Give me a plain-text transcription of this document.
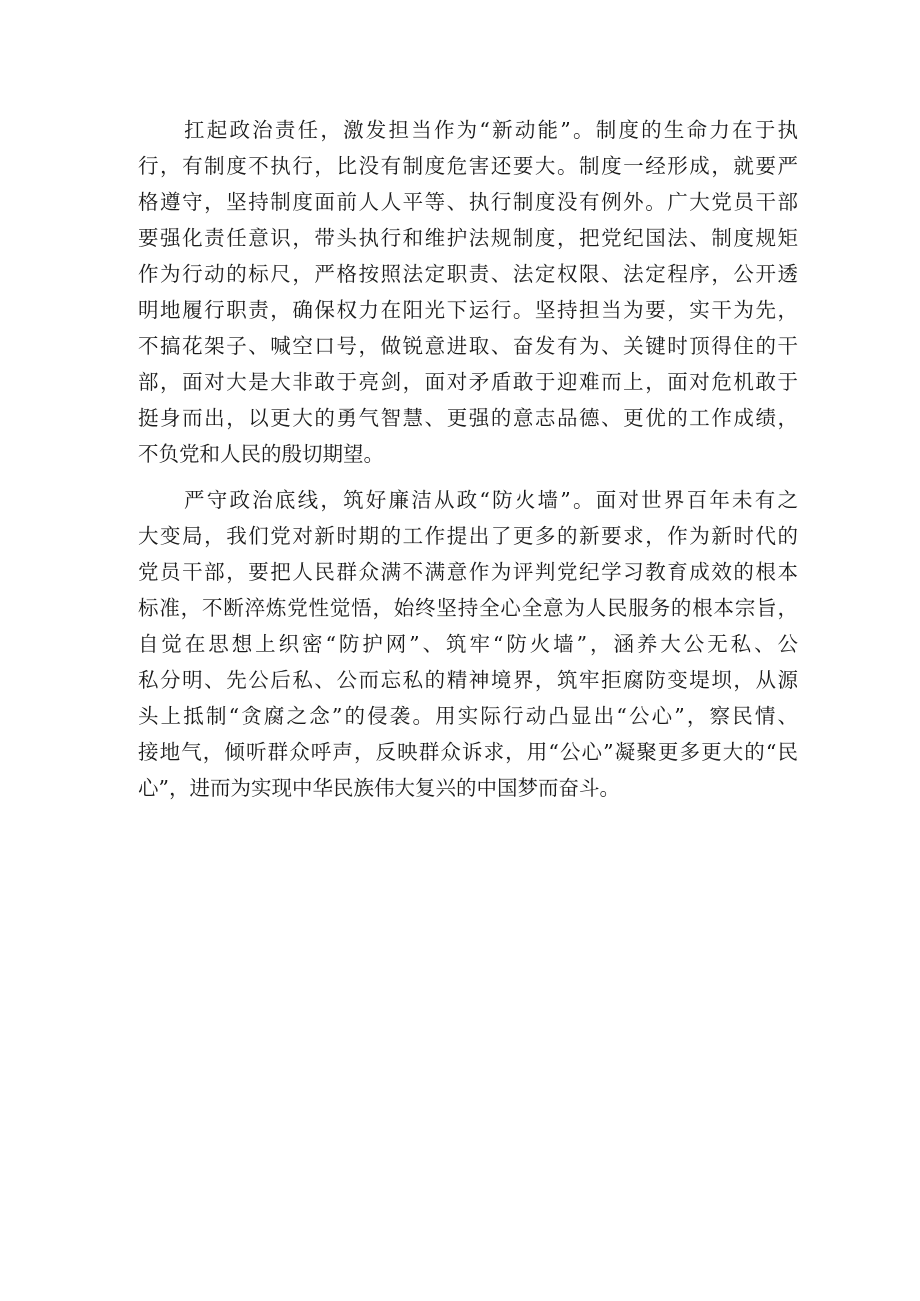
扛起政治责任，激发担当作为“新动能”。制度的生命力在于执
行，有制度不执行，比没有制度危害还要大。制度一经形成，就要严
格遵守，坚持制度面前人人平等、执行制度没有例外。广大党员干部
要强化责任意识，带头执行和维护法规制度，把党纪国法、制度规矩
作为行动的标尺，严格按照法定职责、法定权限、法定程序，公开透
明地履行职责，确保权力在阳光下运行。坚持担当为要，实干为先，
不搞花架子、喊空口号，做锐意进取、奋发有为、关键时顶得住的干
部，面对大是大非敢于亮剑，面对矛盾敢于迎难而上，面对危机敢于
挺身而出，以更大的勇气智慧、更强的意志品德、更优的工作成绩，
不负党和人民的殷切期望。
严守政治底线，筑好廉洁从政“防火墙”。面对世界百年未有之
大变局，我们党对新时期的工作提出了更多的新要求，作为新时代的
党员干部，要把人民群众满不满意作为评判党纪学习教育成效的根本
标准，不断淬炼党性觉悟，始终坚持全心全意为人民服务的根本宗旨，
自觉在思想上织密“防护网”、筑牢“防火墙”，涵养大公无私、公
私分明、先公后私、公而忘私的精神境界，筑牢拒腐防变堤坝，从源
头上抵制“贪腐之念”的侵袭。用实际行动凸显出“公心”，察民情、
接地气，倾听群众呼声，反映群众诉求，用“公心”凝聚更多更大的“民
心”，进而为实现中华民族伟大复兴的中国梦而奋斗。
